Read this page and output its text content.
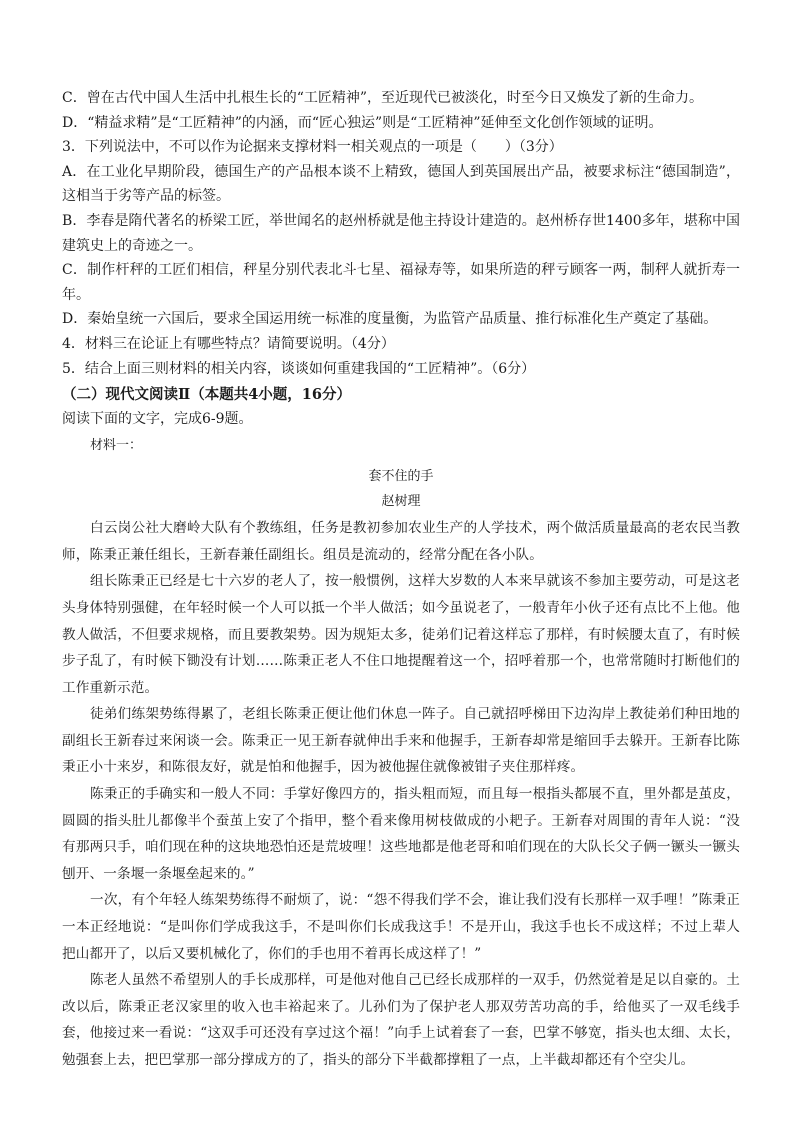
C．曾在古代中国人生活中扎根生长的“工匠精神”，至近现代已被淡化，时至今日又焕发了新的生命力。

D．“精益求精”是“工匠精神”的内涵，而“匠心独运”则是“工匠精神”延伸至文化创作领域的证明。

3．下列说法中，不可以作为论据来支撑材料一相关观点的一项是（　　）（3分）

A．在工业化早期阶段，德国生产的产品根本谈不上精致，德国人到英国展出产品，被要求标注“德国制造”，这相当于劣等产品的标签。

B．李春是隋代著名的桥梁工匠，举世闻名的赵州桥就是他主持设计建造的。赵州桥存世1400多年，堪称中国建筑史上的奇迹之一。

C．制作杆秤的工匠们相信，秤星分别代表北斗七星、福禄寿等，如果所造的秤亏顾客一两，制秤人就折寿一年。

D．秦始皇统一六国后，要求全国运用统一标准的度量衡，为监管产品质量、推行标准化生产奠定了基础。

4．材料三在论证上有哪些特点？请简要说明。（4分）

5．结合上面三则材料的相关内容，谈谈如何重建我国的“工匠精神”。（6分）

（二）现代文阅读Ⅱ（本题共4小题，16分）

阅读下面的文字，完成6-9题。

材料一：

套不住的手

赵树理

白云岗公社大磨岭大队有个教练组，任务是教初参加农业生产的人学技术，两个做活质量最高的老农民当教师，陈秉正兼任组长，王新春兼任副组长。组员是流动的，经常分配在各小队。

组长陈秉正已经是七十六岁的老人了，按一般惯例，这样大岁数的人本来早就该不参加主要劳动，可是这老头身体特别强健，在年轻时候一个人可以抵一个半人做活；如今虽说老了，一般青年小伙子还有点比不上他。他教人做活，不但要求规格，而且要教架势。因为规矩太多，徒弟们记着这样忘了那样，有时候腰太直了，有时候步子乱了，有时候下锄没有计划……陈秉正老人不住口地提醒着这一个，招呼着那一个，也常常随时打断他们的工作重新示范。

徒弟们练架势练得累了，老组长陈秉正便让他们休息一阵子。自己就招呼梯田下边沟岸上教徒弟们种田地的副组长王新春过来闲谈一会。陈秉正一见王新春就伸出手来和他握手，王新春却常是缩回手去躲开。王新春比陈秉正小十来岁，和陈很友好，就是怕和他握手，因为被他握住就像被钳子夹住那样疼。

陈秉正的手确实和一般人不同：手掌好像四方的，指头粗而短，而且每一根指头都展不直，里外都是茧皮，圆圆的指头肚儿都像半个蚕茧上安了个指甲，整个看来像用树枝做成的小耙子。王新春对周围的青年人说：“没有那两只手，咱们现在种的这块地恐怕还是荒坡哩！这些地都是他老哥和咱们现在的大队长父子俩一镢头一镢头刨开、一条堰一条堰垒起来的。”

一次，有个年轻人练架势练得不耐烦了，说：“怨不得我们学不会，谁让我们没有长那样一双手哩！”陈秉正一本正经地说：“是叫你们学成我这手，不是叫你们长成我这手！不是开山，我这手也长不成这样；不过上辈人把山都开了，以后又要机械化了，你们的手也用不着再长成这样了！”

陈老人虽然不希望别人的手长成那样，可是他对他自己已经长成那样的一双手，仍然觉着是足以自豪的。土改以后，陈秉正老汉家里的收入也丰裕起来了。儿孙们为了保护老人那双劳苦功高的手，给他买了一双毛线手套，他接过来一看说：“这双手可还没有享过这个福！”向手上试着套了一套，巴掌不够宽，指头也太细、太长，勉强套上去，把巴掌那一部分撑成方的了，指头的部分下半截都撑粗了一点，上半截却都还有个空尖儿。
